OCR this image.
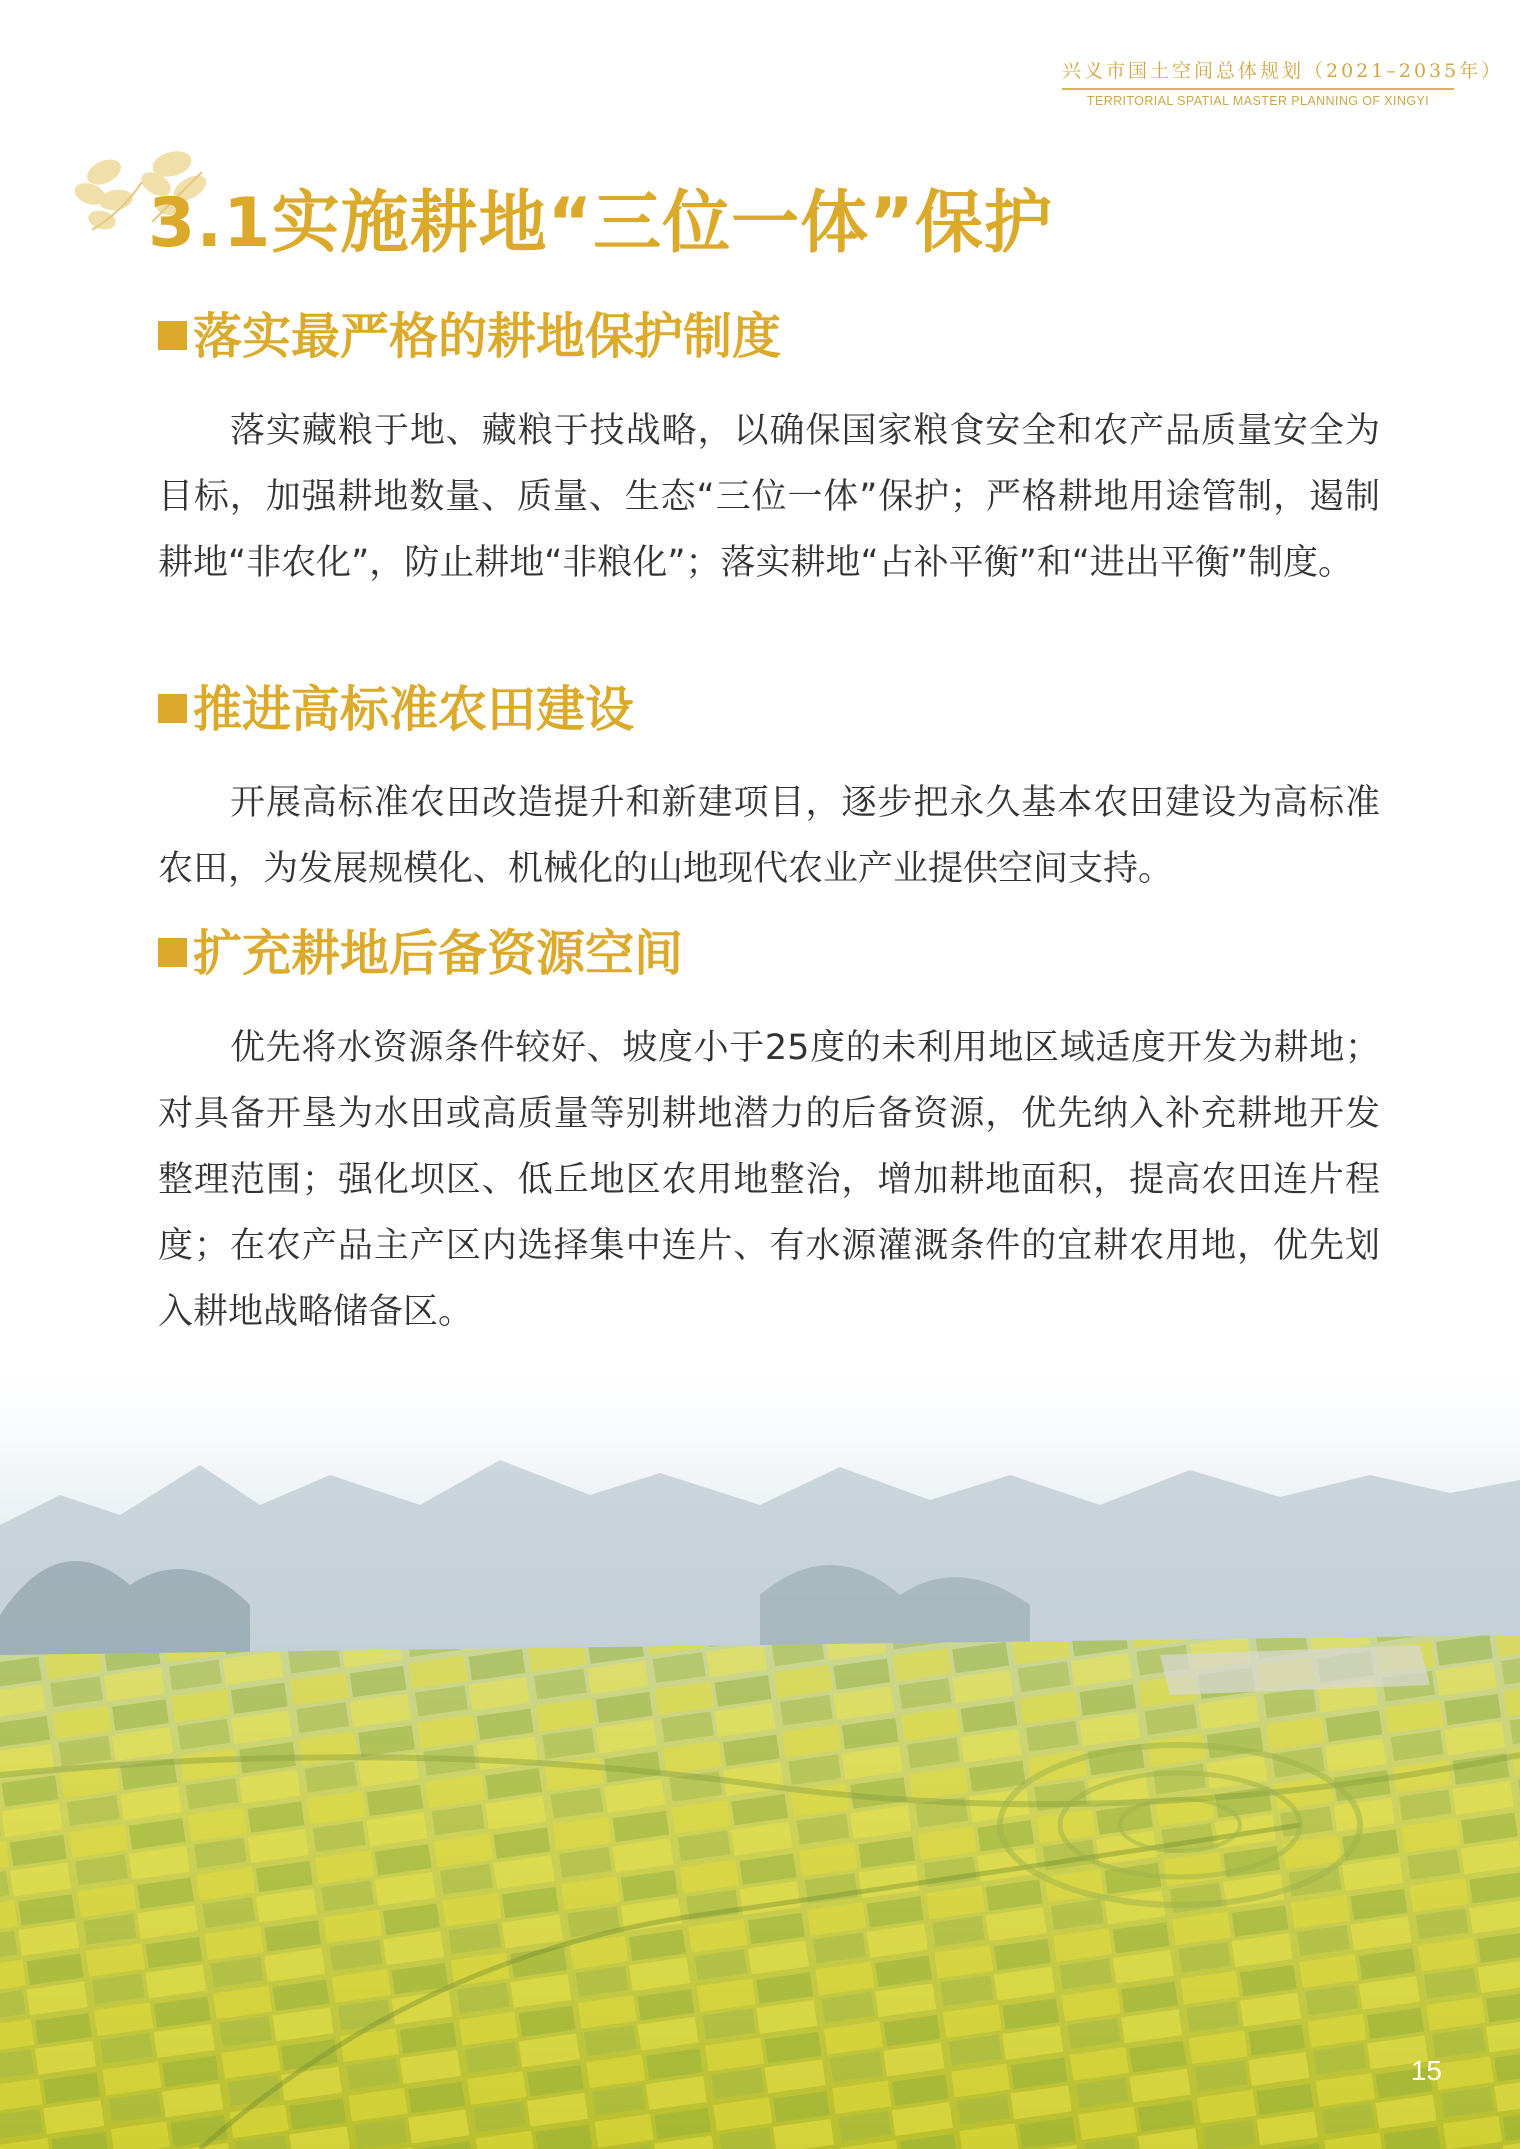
兴义市国土空间总体规划（2021–2035年）
TERRITORIAL SPATIAL MASTER PLANNING OF XINGYI
3.1实施耕地“三位一体”保护
落实最严格的耕地保护制度

落实藏粮于地、藏粮于技战略，以确保国家粮食安全和农产品质量安全为目标，加强耕地数量、质量、生态“三位一体”保护；严格耕地用途管制，遏制耕地“非农化”，防止耕地“非粮化”；落实耕地“占补平衡”和“进出平衡”制度。

推进高标准农田建设

开展高标准农田改造提升和新建项目，逐步把永久基本农田建设为高标准农田，为发展规模化、机械化的山地现代农业产业提供空间支持。

扩充耕地后备资源空间

优先将水资源条件较好、坡度小于25度的未利用地区域适度开发为耕地；对具备开垦为水田或高质量等别耕地潜力的后备资源，优先纳入补充耕地开发整理范围；强化坝区、低丘地区农用地整治，增加耕地面积，提高农田连片程度；在农产品主产区内选择集中连片、有水源灌溉条件的宜耕农用地，优先划入耕地战略储备区。

15
